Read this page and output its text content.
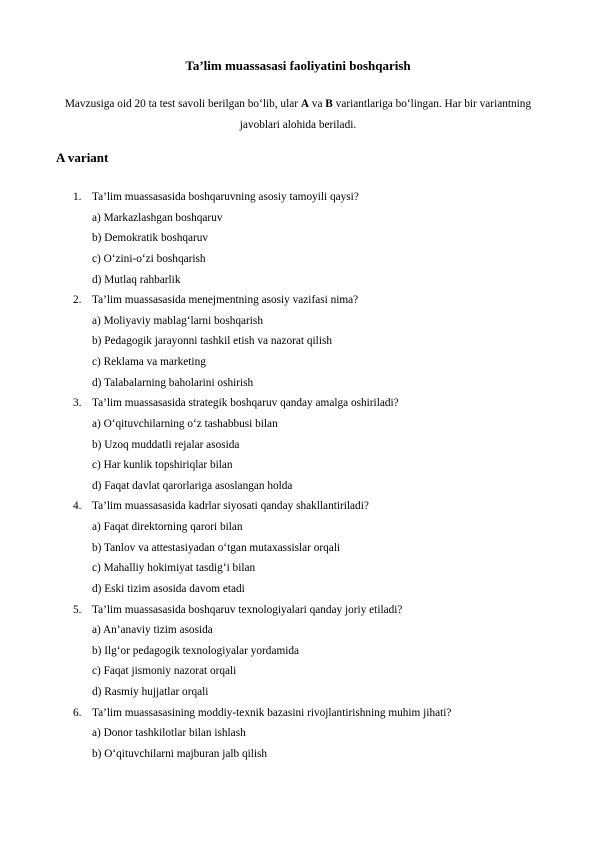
Ta’lim muassasasi faoliyatini boshqarish
Mavzusiga oid 20 ta test savoli berilgan bo‘lib, ular A va B variantlariga bo‘lingan. Har bir variantning javoblari alohida beriladi.
A variant
1. Ta’lim muassasasida boshqaruvning asosiy tamoyili qaysi?
a) Markazlashgan boshqaruv
b) Demokratik boshqaruv
c) O‘zini-o‘zi boshqarish
d) Mutlaq rahbarlik
2. Ta’lim muassasasida menejmentning asosiy vazifasi nima?
a) Moliyaviy mablag‘larni boshqarish
b) Pedagogik jarayonni tashkil etish va nazorat qilish
c) Reklama va marketing
d) Talabalarning baholarini oshirish
3. Ta’lim muassasasida strategik boshqaruv qanday amalga oshiriladi?
a) O‘qituvchilarning o‘z tashabbusi bilan
b) Uzoq muddatli rejalar asosida
c) Har kunlik topshiriqlar bilan
d) Faqat davlat qarorlariga asoslangan holda
4. Ta’lim muassasasida kadrlar siyosati qanday shakllantiriladi?
a) Faqat direktorning qarori bilan
b) Tanlov va attestasiyadan o‘tgan mutaxassislar orqali
c) Mahalliy hokimiyat tasdig‘i bilan
d) Eski tizim asosida davom etadi
5. Ta’lim muassasasida boshqaruv texnologiyalari qanday joriy etiladi?
a) An’anaviy tizim asosida
b) Ilg‘or pedagogik texnologiyalar yordamida
c) Faqat jismoniy nazorat orqali
d) Rasmiy hujjatlar orqali
6. Ta’lim muassasasining moddiy-texnik bazasini rivojlantirishning muhim jihati?
a) Donor tashkilotlar bilan ishlash
b) O‘qituvchilarni majburan jalb qilish
